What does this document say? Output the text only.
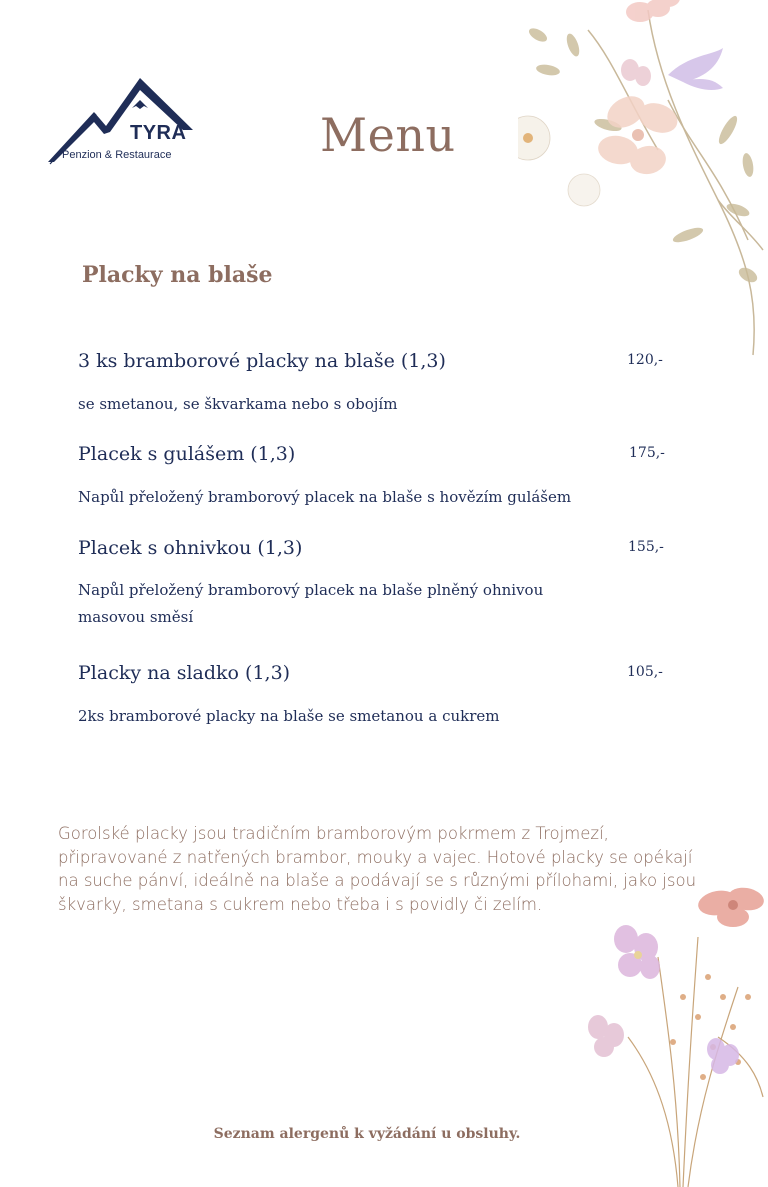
TYRA
Penzion & Restaurace	Menu
Placky na blaše
3 ks bramborové placky na blaše (1,3)	120,-
se smetanou, se škvarkama nebo s obojím
Placek s gulášem (1,3)	175,-
Napůl přeložený bramborový placek na blaše s hovězím gulášem
Placek s ohnivkou (1,3)	155,-
Napůl přeložený bramborový placek na blaše plněný ohnivou masovou směsí
Placky na sladko (1,3)	105,-
2ks bramborové placky na blaše se smetanou a cukrem
Gorolské placky jsou tradičním bramborovým pokrmem z Trojmezí, připravované z natřených brambor, mouky a vajec. Hotové placky se opékají na suche pánví, ideálně na blaše a podávají se s různými přílohami, jako jsou škvarky, smetana s cukrem nebo třeba i s povidly či zelím.
Seznam alergenů k vyžádání u obsluhy.
